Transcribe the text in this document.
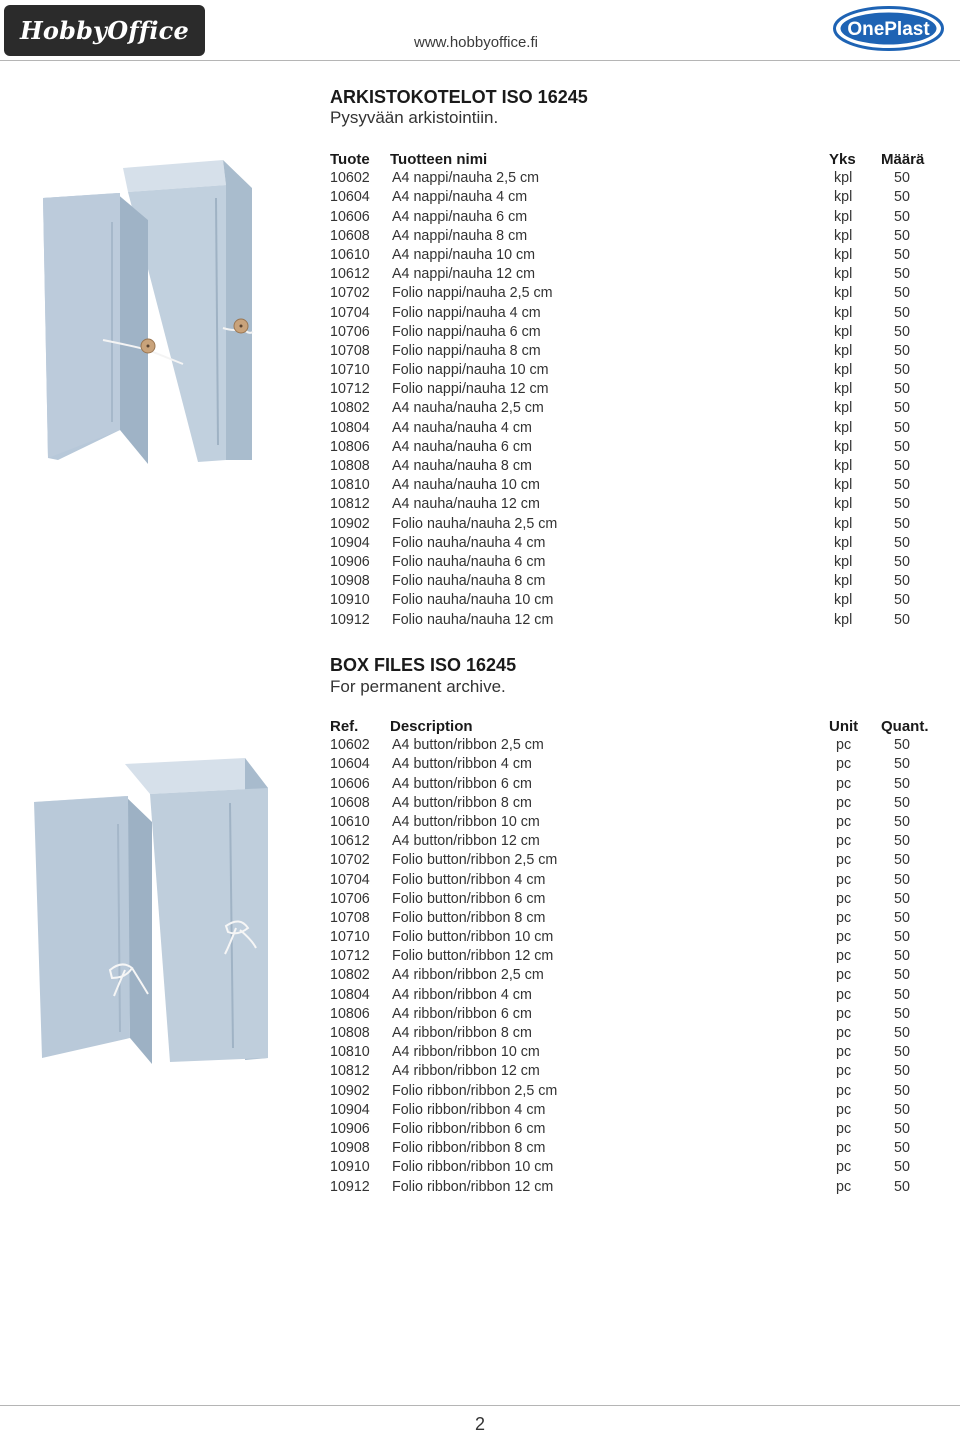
HobbyOffice	www.hobbyoffice.fi
OnePlast
ARKISTOKOTELOT ISO 16245
Pysyvään arkistointiin.
Tuote Tuotteen nimi	Yks Määrä
10602 A4 nappi/nauha 2,5 cm	kpl	50
10604 A4 nappi/nauha 4 cm	kpl	50
10606 A4 nappi/nauha 6 cm	kpl	50
10608 A4 nappi/nauha 8 cm	kpl	50
10610 A4 nappi/nauha 10 cm	kpl	50
10612 A4 nappi/nauha 12 cm	kpl	50
10702 Folio nappi/nauha 2,5 cm	kpl	50
10704 Folio nappi/nauha 4 cm	kpl	50
10706 Folio nappi/nauha 6 cm	kpl	50
10708 Folio nappi/nauha 8 cm	kpl	50
10710 Folio nappi/nauha 10 cm	kpl	50
10712 Folio nappi/nauha 12 cm	kpl	50
10802 A4 nauha/nauha 2,5 cm	kpl	50
10804 A4 nauha/nauha 4 cm	kpl	50
10806 A4 nauha/nauha 6 cm	kpl	50
10808 A4 nauha/nauha 8 cm	kpl	50
10810 A4 nauha/nauha 10 cm	kpl	50
10812 A4 nauha/nauha 12 cm	kpl	50
10902 Folio nauha/nauha 2,5 cm	kpl	50
10904 Folio nauha/nauha 4 cm	kpl	50
10906 Folio nauha/nauha 6 cm	kpl	50
10908 Folio nauha/nauha 8 cm	kpl	50
10910 Folio nauha/nauha 10 cm	kpl	50
10912 Folio nauha/nauha 12 cm	kpl	50
BOX FILES ISO 16245
For permanent archive.
Ref. Description	Unit Quant.
10602 A4 button/ribbon 2,5 cm	pc	50
10604 A4 button/ribbon 4 cm	pc	50
10606 A4 button/ribbon 6 cm	pc	50
10608 A4 button/ribbon 8 cm	pc	50
10610 A4 button/ribbon 10 cm	pc	50
10612 A4 button/ribbon 12 cm	pc	50
10702 Folio button/ribbon 2,5 cm	pc	50
10704 Folio button/ribbon 4 cm	pc	50
10706 Folio button/ribbon 6 cm	pc	50
10708 Folio button/ribbon 8 cm	pc	50
10710 Folio button/ribbon 10 cm	pc	50
10712 Folio button/ribbon 12 cm	pc	50
10802 A4 ribbon/ribbon 2,5 cm	pc	50
10804 A4 ribbon/ribbon 4 cm	pc	50
10806 A4 ribbon/ribbon 6 cm	pc	50
10808 A4 ribbon/ribbon 8 cm	pc	50
10810 A4 ribbon/ribbon 10 cm	pc	50
10812 A4 ribbon/ribbon 12 cm	pc	50
10902 Folio ribbon/ribbon 2,5 cm	pc	50
10904 Folio ribbon/ribbon 4 cm	pc	50
10906 Folio ribbon/ribbon 6 cm	pc	50
10908 Folio ribbon/ribbon 8 cm	pc	50
10910 Folio ribbon/ribbon 10 cm	pc	50
10912 Folio ribbon/ribbon 12 cm	pc	50
2
